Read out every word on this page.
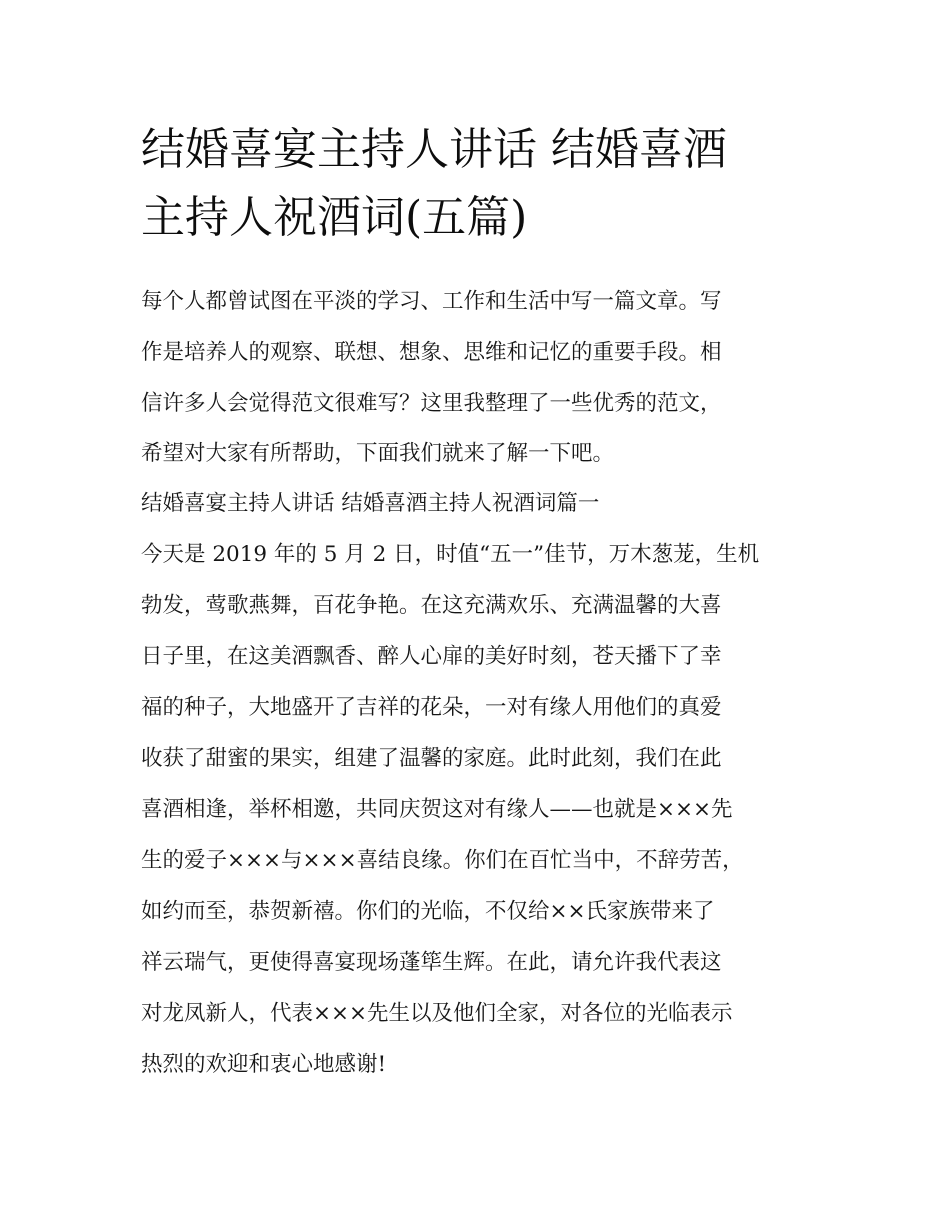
结婚喜宴主持人讲话 结婚喜酒
主持人祝酒词(五篇)
每个人都曾试图在平淡的学习、工作和生活中写一篇文章。写
作是培养人的观察、联想、想象、思维和记忆的重要手段。相
信许多人会觉得范文很难写？这里我整理了一些优秀的范文，
希望对大家有所帮助，下面我们就来了解一下吧。
结婚喜宴主持人讲话 结婚喜酒主持人祝酒词篇一
今天是 2019 年的 5 月 2 日，时值“五一”佳节，万木葱茏，生机
勃发，莺歌燕舞，百花争艳。在这充满欢乐、充满温馨的大喜
日子里，在这美酒飘香、醉人心扉的美好时刻，苍天播下了幸
福的种子，大地盛开了吉祥的花朵，一对有缘人用他们的真爱
收获了甜蜜的果实，组建了温馨的家庭。此时此刻，我们在此
喜酒相逢，举杯相邀，共同庆贺这对有缘人——也就是×××先
生的爱子×××与×××喜结良缘。你们在百忙当中，不辞劳苦，
如约而至，恭贺新禧。你们的光临，不仅给××氏家族带来了
祥云瑞气，更使得喜宴现场蓬筚生辉。在此，请允许我代表这
对龙凤新人，代表×××先生以及他们全家，对各位的光临表示
热烈的欢迎和衷心地感谢!
